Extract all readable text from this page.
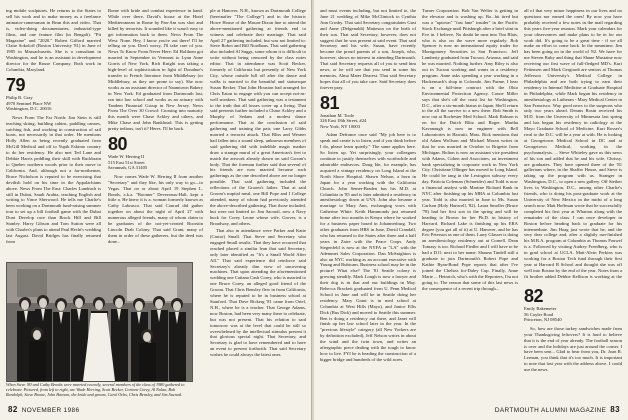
ing mobile sculptures. He returns to the States to sell his work and to make money as a freelance animator-cameraman in Bean this and video. That is, video-doing documentaries, industrial-type films, and one feature film (in Bengali). "Pit Magazine" and "2020." Robert Gifford married Claire Sokoloff (Boston University '81) in June of 1985 in Massachusetts. She is a consultant in Washington, and he is an assistant in development director for the Rouse Company. Both work in Columbia, Maryland.

79
Philip R. Gray
4970 Sentinel Place NW
Washington, D.C. 20016

News From The Far North: Jim Stein is still teaching skiing, building cabins, paddling canoes, catching fish, and working in construction of sail boats, not necessarily in that order. He mentions Holly Allen as being recently graduated from McGill Medical and off to Yupik Eskimo country to do her residency. He also met Ted Lane and Debbie Harris peddling their skill with Ruckbrain to Quebec northern woods prior to their move to California. And, although not a far-northerner, Bruce Nicholson is reputed to be exercising that devilish hold on his time in the Appalachians above. News From The East: Charles Lundrach is still in Dubai, Saudi Arabia, teaching English and writing to Vince Sherwood. He tells me Charlie's been working on a Dartmouth fund-raising summer tour to set up a bill football game with the Dubai Dont Develop race than Brock Hill and Bill Stanley. Harry Gibson and Tom Sutton were all with Charles's plans to attend Paul Hecht's wedding last August. David Bridges has finally returned from

Rome with bride and combat experience in hand. While over there, David's house at the Hotel Mediterranean in Rome by Pan-Am was shot and killed by terrorists. It sounded like it wasn't easy to get information back to them. News From The West: None. Hey, I know you're out there! I'll be telling on you. Don't worry, I'll take care of you. News To Know From Never Here: Ed Holihom got married in September in Vermont to Lynn Anne Gorris of New York. Rich Knight was taking a high-level of sophistication in light of Donahue's transfer to French literature from Middlebury (or Middlebury, as they are prone to say). She now works as an assistant director of Naamtown Bakery in New York. Ed graduated from Dartmouth last, ran into law school and works as an actuary with Tandem Financial Group in New Jersey. News From The Over 30 Crowd: Crossing into maturity this month were Chase Ackley and others, and Mike Chase and John Bankhead. This is getting pretty tedious, isn't it? Heres. I'll be back.

80
Wade W. Herring II
515 East 51st Street
Savannah, GA 31405

Now comes Wade W. Herring II from another "Secretary" and they like, his only way to go—to Vegas. That on or about April 19 Stephen L. Bonds, a.k.a. "Boomer" Devereaux-Hall, kept a little a. He knew it is a. woman formerly known as Cathy Labrasco. That said Conrad did gather together on about the night of April 27 with numerous alleged friends, many of whom claim to be graduates of the not-yet-created Boorstin Lincoln Drab Colony. That said Grant, many of them in order of these gatherers, but the deed was done...

ple at Hanover, N.H., known as Dartmouth College (hereinafter "The College") and in the historic Howe House of the Mason-Dixon line to attend the above-mentioned gathering at friends end to witness and celebrate their marriage. That said April 27 gathering included, but was not limited to: Steve Robot and Bill Nordhaus. That said gathering also included Al Suggs, some whom it is difficult to write without being censored by the class notes editor. That in attendance was Scott Becker, formerly of California but presently of New York City, whose outside hill off after the dance and walks is married to the beautiful and statuesque Susan Becker. That John Houston had arranged for Chris Eaton to engage with you can accept not-as-well sneakers. That said gathering was a testament to the truth that all losses cover up a living. That said presents further included a Chase Ackley and a Murphy of Sedans and a modest dance performance. That at the conclusion of said gathering and training the pair, one Larry Gibbs married a terrorist attack. That Bliss and Wexner had fallen into a sound sleep, unknown members of said gathering did with indelible magic marker draw a strange mural of a great American's feet to match the artwork already drawn on said Groom's body. That the foreman further said that several of his friends are now married because such gatherings as the one described above are no longer possible. That said gathering included the reflections of the Groom's father. That at said Groom's nuptial meal, one Bill Pope and I College attended, many of whom had previously attended the above-described gathering. That those included, but were not limited to: Jim Sacnotl, now a Navy buck for Corey Leone whose wife, Grover, is a Broadway, and others.

That also in attendance were Parker and Katie (Castor) Small. That Steve and Secretary who engaged Small results. That they have occurred that reached placed a similar lean that said Secretary, only later identified as "It's a Small World After All." That said experience did reinforce said Secretary's already dim view of uncovering machines. That upon attending the aforementioned wedding one Cattana Cash Corey, who is married to one Bruce Corey, an alleged good friend of the Groom. That Chris Bensley flew in from California, where he is reputed to be in business school at Stanford. That Dave Rickerg '81 came from Oriel, N.H., where he is a teacher. That George Adams, now Boston, had been very many there to celebrate, but was not present. That his relation to said tomorrow was at the level that could be still so overwhelmed by the intellectual stimulus present it that glorious special night. That Secretary, and Secretary is glad to have remembered and to have an event to present forthwith. That said Secretary wishes he could always the latest ones.

When Steve '80 and Cathy Brooks were married recently, several members of the class of 1980 gathered to celebrate. Pictured, from left to right, are Wade Herring, Scott Becker, Corinne Corey, Al Nolan, Bob Randolph, Steve Boone, John Hanson, the bride and groom, Carol Ochs, Chris Bensley, and Jim Sacnotl.
82 NOVEMBER 1986

and must events including, but not limited to, the June 21 wedding of Mike McClintock to Cynthia Ann Crosby. That said Secretary congratulates Gust and Anne (Delgenaldi) Matteson on the birth of their son. That said Secretary, however, does not suggest that he was present at said event. That said Secretary and his wife, Susan, have recently become the proud parents of a son, Joseph, who, however, shows no interest in attending Dartmouth. That said Secretary requests all of you to send him news, or he will see that you send in some his memoirs, Alma Mater Dearest. That said Secretary hopes that all of you take care. Said Secretary does forever pray.

81
Jonathan M. Toole
326 East 18th Street, #24
New York, NY 10003

Adam Defrance once said "My job here is to speak and create is to listen, and if you think before I do, please learn quietly." The same applies here. So listen up. Yet surprisingly, your colleagues continue to justify themselves with worthwhile and admirable endeavors. Doug Ide, for example, has acquired a vintage residency on Long Island at the North Shore Hospital. Shawn Nelson, a born in Japan for a year working with the California Church. John Semer-Braden has his M.D. at Columbia in '85 and is later admitted a residency in anesthesiology down at UVA. John also became a marriage to Mary Ann, exchanging vows with Catherine White. Keith Hammonds just returned home after two months in Kenya where he worked for a business paper based in Johannesburg. Two other graduates from HBS in June, David Crandall, who has returned to the States after three and a half years in Zaire with the Peace Corps. Andy Stegenfeld is now at the NYFA or "LA" with the Ademmet Sales Corporation. Dan McSnighton is also an NYC working as an account executive with Young and Rubicam. Business school may be in the picture! What else? The '81 Seattle colony is growing steadily. Mark Lough is now a lawyer and their dog is in that and our buildings in May. Rebecca Brackett graduated from U. Penn Medical School in June and will be in Seattle doing her residency. Mary Grant is in med school at Columbia at West Hills (Mayo), and Janice Ellis Dick (Bus Dick) and moved to Seattle this summer. Ben is doing a residency out there, and Janet will finish up her law school later in the year. In the "previous lifestyle" category (all New Yorkers are by definition excluded), Jeff Nelson writes in about the wind and the twin town, and writes an aftergraphic piece dealing with the tough to know how to live. FYI he is heading the construction of a bigger bridge and hundreds of the wild acres.

Turner Corporation. Bob Van Welter is getting in the elevator and is washing up. Bo...hit tired but was a "uptown" "fast lane" insider" in the Pacific Stock Exchange until Pittsburgh after a brief stint in Eve in. I believe, No doubt he runs into Tim Blais, who is also on the wave more regularly. Rob Spencer is now an international equity trader for Montgomery Securities in San Francisco. Jeff Lamberty graduated from Tucson, Arizona, and said he was married. Nothing further. Amy Riley is also out in Tucson working and wants in a residency program. Anne asks spending a year working in a Hackensack's shop in Colorado. Jim Parme, I hear is on a full-time contract with the Ohio Environmental Protection Agency. Cassie Miller says that she's off the coast list for Washington, D.C., after a six-month hiatus in Japan. She'll return to the all the survive to a new there. Bob Smith is now out at Rochester Med School. Mark Rabson is on for the Dutch Blitz and Roger. Martha Kavanaugh is now an engineer with Bell Laboratories in Hawaiii, Mass. Rick mentions that old Adam Wolfson and Michael Moran writes in that he was married in October to Brigette from Michigan. Bolton is now an assistant vice president with Adams, Cohen and Associates, an investment bank specializing in corporate work in New York City. Christiane Ollinger has moved to Long Island. He could be tang in the Lexington subway every day. Patricia Coleman (Schneider) and Todd is now a financial analyst with Martine Richard Bank in NYC after finishing up his MBA at Columbia last year. Todd is also married in June to Ms. Susan Carlson (Holy Hartwell, '82). Laura Smoller (Bruce '78) had her first son in the spring and will be heading to Brown for her Ph.D. in history of Harvard. Richard Lake is finishing up his ERA degree (you got all of it) at U. Hanover, and he has Eric Peterson as one of them. Larry Glasser is doing an anesthesiology residency out at Cornell. Dean Tomasy is too. Richard Fiedler and I will have to be had a D.O. next to her name. Shauna Tindell still a graduate to join Dartmouth's Robert Pope and Kathie Ryan-Bond Pope reports that after I've joined the Chelsea for-Daley Cup. Finally, Anne Marie ... Heinrich, who's with the Reporters, I'm not going to. The reason that some of this last news is the consequence of a recent trip through...

all of that very minor happiness in our lives and no questions nor earned the ones! By now you have probably received a few notes in the mail regarding this years five-year reunion. Mark your calendars for your observances and make plans to be in for our work did. It's going to be a great time - if we all make an effort to come back. In the meantime, Jim has been going on in the world of '82. We have for me Steven Ruby and thing that Shane Mustaine now receiving our first wave of full-fledged MD's. Kurt Fettensen and Mark Gergiardi are seniors at Thomas Jefferson University's Medical College in Philadelphia and are both trying to earn their residency in Internal Medicine at Graduate Hospital in Philadelphia, while Mark began his residency in anesthesiology at Lutheran - Mary Medical Center in San Francisco. Way good news to the surgeons who only two years ahead. Dennis Rosin received his M.D. from the University of Minnesota last spring and has begun his residency in radiology at the Mayo Graduate School of Medicine. Kurt Rosser's rival to the D.C. will be a year at with. He is looking at Georgetown Medical School in DC and at Georgetown Medical, working in the psychoanalysis. ... Steve Whiteley gave us this news of his son and added that he and his wife, Chrissy, are graduates. They have opened three of the '81 gallerians where, in the Shaffer House, and Steve is taking up the program with us. Stranger in Washington, D.C., to open a new gallery. Off Steiber lives in Washington, D.C., among other Charlie's friends, who is doing his post-graduate work at the University of New Mexico in the midst of a long search now. Matt Hoffman wrote that he successfully completed his first year at Wharton along with the remainder of the class. I can once developer in Boston before heading back to graduate for his intermediate. Jim Hoag just wrote that he, and the very dear college and, after a slightly run-finished his M.B.A. program at Columbia as Thomas Pouwel is a. Followed by visiting Audrey Freedberg, who is in grad school at UCLA. Matt-Alvin Perkins was working for a Boston Tech fund through their first year at Harvard B School and thought she was off well into Boston by the end of the year. Notes from a fit brother added Debbie Kellison is working at the

82
Emily Bakemeier
56 Cuyler Road
Princeton, NJ 08540

So, how are those turkey sandwiches made from your Thanksgiving leftovers? It is hard to believe that it is the end of year already. The football season is over and the holidays are just around the corner. I have been sent... Glad to hear from you, Dr. Joan R. Lerman, you think that it's too much. It is important to note that last year with the address above. I could use the news.

DARTMOUTH ALUMNI MAGAZINE 83
